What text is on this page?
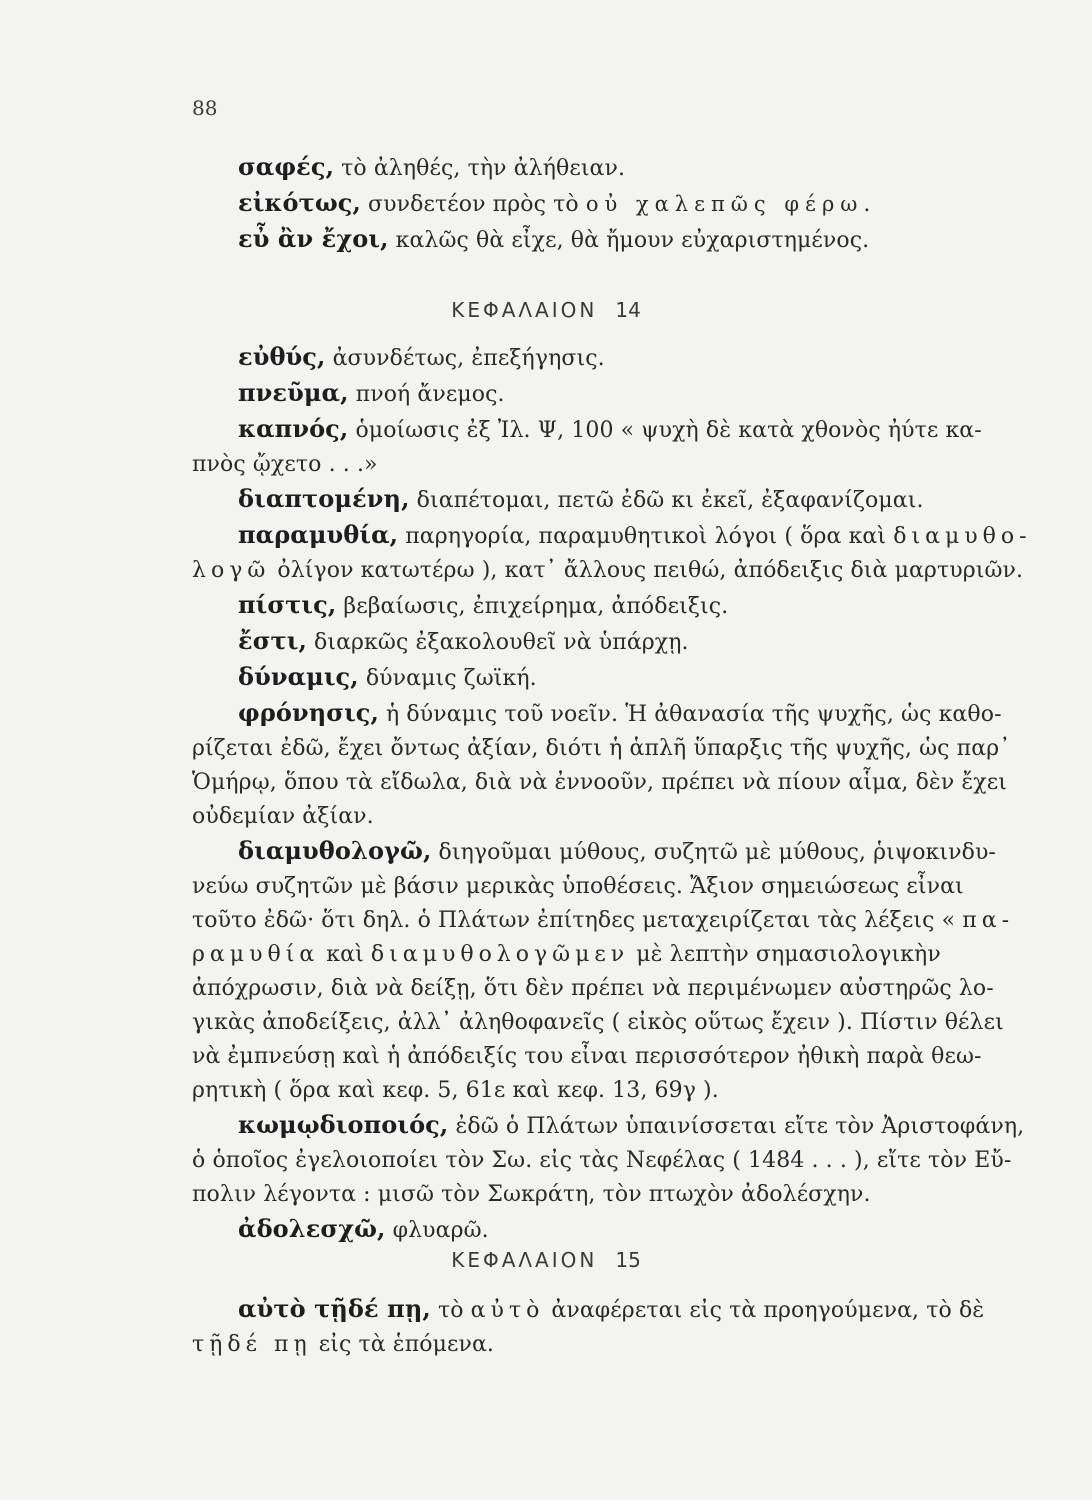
88
σαφές, τὸ ἀληθές, τὴν ἀλήθειαν.
εἰκότως, συνδετέον πρὸς τὸ οὐ χαλεπῶς φέρω.
εὖ ἂν ἔχοι, καλῶς θὰ εἶχε, θὰ ἤμουν εὐχαριστημένος.
ΚΕΦΑΛΑΙΟΝ 14
εὐθύς, ἀσυνδέτως, ἐπεξήγησις.
πνεῦμα, πνοή ἄνεμος.
καπνός, ὁμοίωσις ἐξ Ἰλ. Ψ, 100 « ψυχὴ δὲ κατὰ χθονὸς ἠύτε κα-
πνὸς ᾤχετο . . .»
διαπτομένη, διαπέτομαι, πετῶ ἐδῶ κι ἐκεῖ, ἐξαφανίζομαι.
παραμυθία, παρηγορία, παραμυθητικοὶ λόγοι ( ὅρα καὶ διαμυθο-
λογῶ ὀλίγον κατωτέρω ), κατ᾿ ἄλλους πειθώ, ἀπόδειξις διὰ μαρτυριῶν.
πίστις, βεβαίωσις, ἐπιχείρημα, ἀπόδειξις.
ἔστι, διαρκῶς ἐξακολουθεῖ νὰ ὑπάρχῃ.
δύναμις, δύναμις ζωϊκή.
φρόνησις, ἡ δύναμις τοῦ νοεῖν. Ἡ ἀθανασία τῆς ψυχῆς, ὡς καθο-
ρίζεται ἐδῶ, ἔχει ὄντως ἀξίαν, διότι ἡ ἁπλῆ ὕπαρξις τῆς ψυχῆς, ὡς παρ᾿
Ὁμήρῳ, ὅπου τὰ εἴδωλα, διὰ νὰ ἐννοοῦν, πρέπει νὰ πίουν αἷμα, δὲν ἔχει
οὐδεμίαν ἀξίαν.
διαμυθολογῶ, διηγοῦμαι μύθους, συζητῶ μὲ μύθους, ῥιψοκινδυ-
νεύω συζητῶν μὲ βάσιν μερικὰς ὑποθέσεις. Ἄξιον σημειώσεως εἶναι
τοῦτο ἐδῶ· ὅτι δηλ. ὁ Πλάτων ἐπίτηδες μεταχειρίζεται τὰς λέξεις « πα-
ραμυθία καὶ διαμυθολογῶμεν μὲ λεπτὴν σημασιολογικὴν
ἀπόχρωσιν, διὰ νὰ δείξῃ, ὅτι δὲν πρέπει νὰ περιμένωμεν αὐστηρῶς λο-
γικὰς ἀποδείξεις, ἀλλ᾿ ἀληθοφανεῖς ( εἰκὸς οὕτως ἔχειν ). Πίστιν θέλει
νὰ ἐμπνεύσῃ καὶ ἡ ἀπόδειξίς του εἶναι περισσότερον ἠθικὴ παρὰ θεω-
ρητικὴ ( ὅρα καὶ κεφ. 5, 61ε καὶ κεφ. 13, 69γ ).
κωμῳδιοποιός, ἐδῶ ὁ Πλάτων ὑπαινίσσεται εἴτε τὸν Ἀριστοφάνη,
ὁ ὁποῖος ἐγελοιοποίει τὸν Σω. εἰς τὰς Νεφέλας ( 1484 . . . ), εἴτε τὸν Εὔ-
πολιν λέγοντα : μισῶ τὸν Σωκράτη, τὸν πτωχὸν ἀδολέσχην.
ἀδολεσχῶ, φλυαρῶ.
ΚΕΦΑΛΑΙΟΝ 15
αὐτὸ τῇδέ πῃ, τὸ αὐτὸ ἀναφέρεται εἰς τὰ προηγούμενα, τὸ δὲ
τῇδέ πῃ εἰς τὰ ἑπόμενα.
